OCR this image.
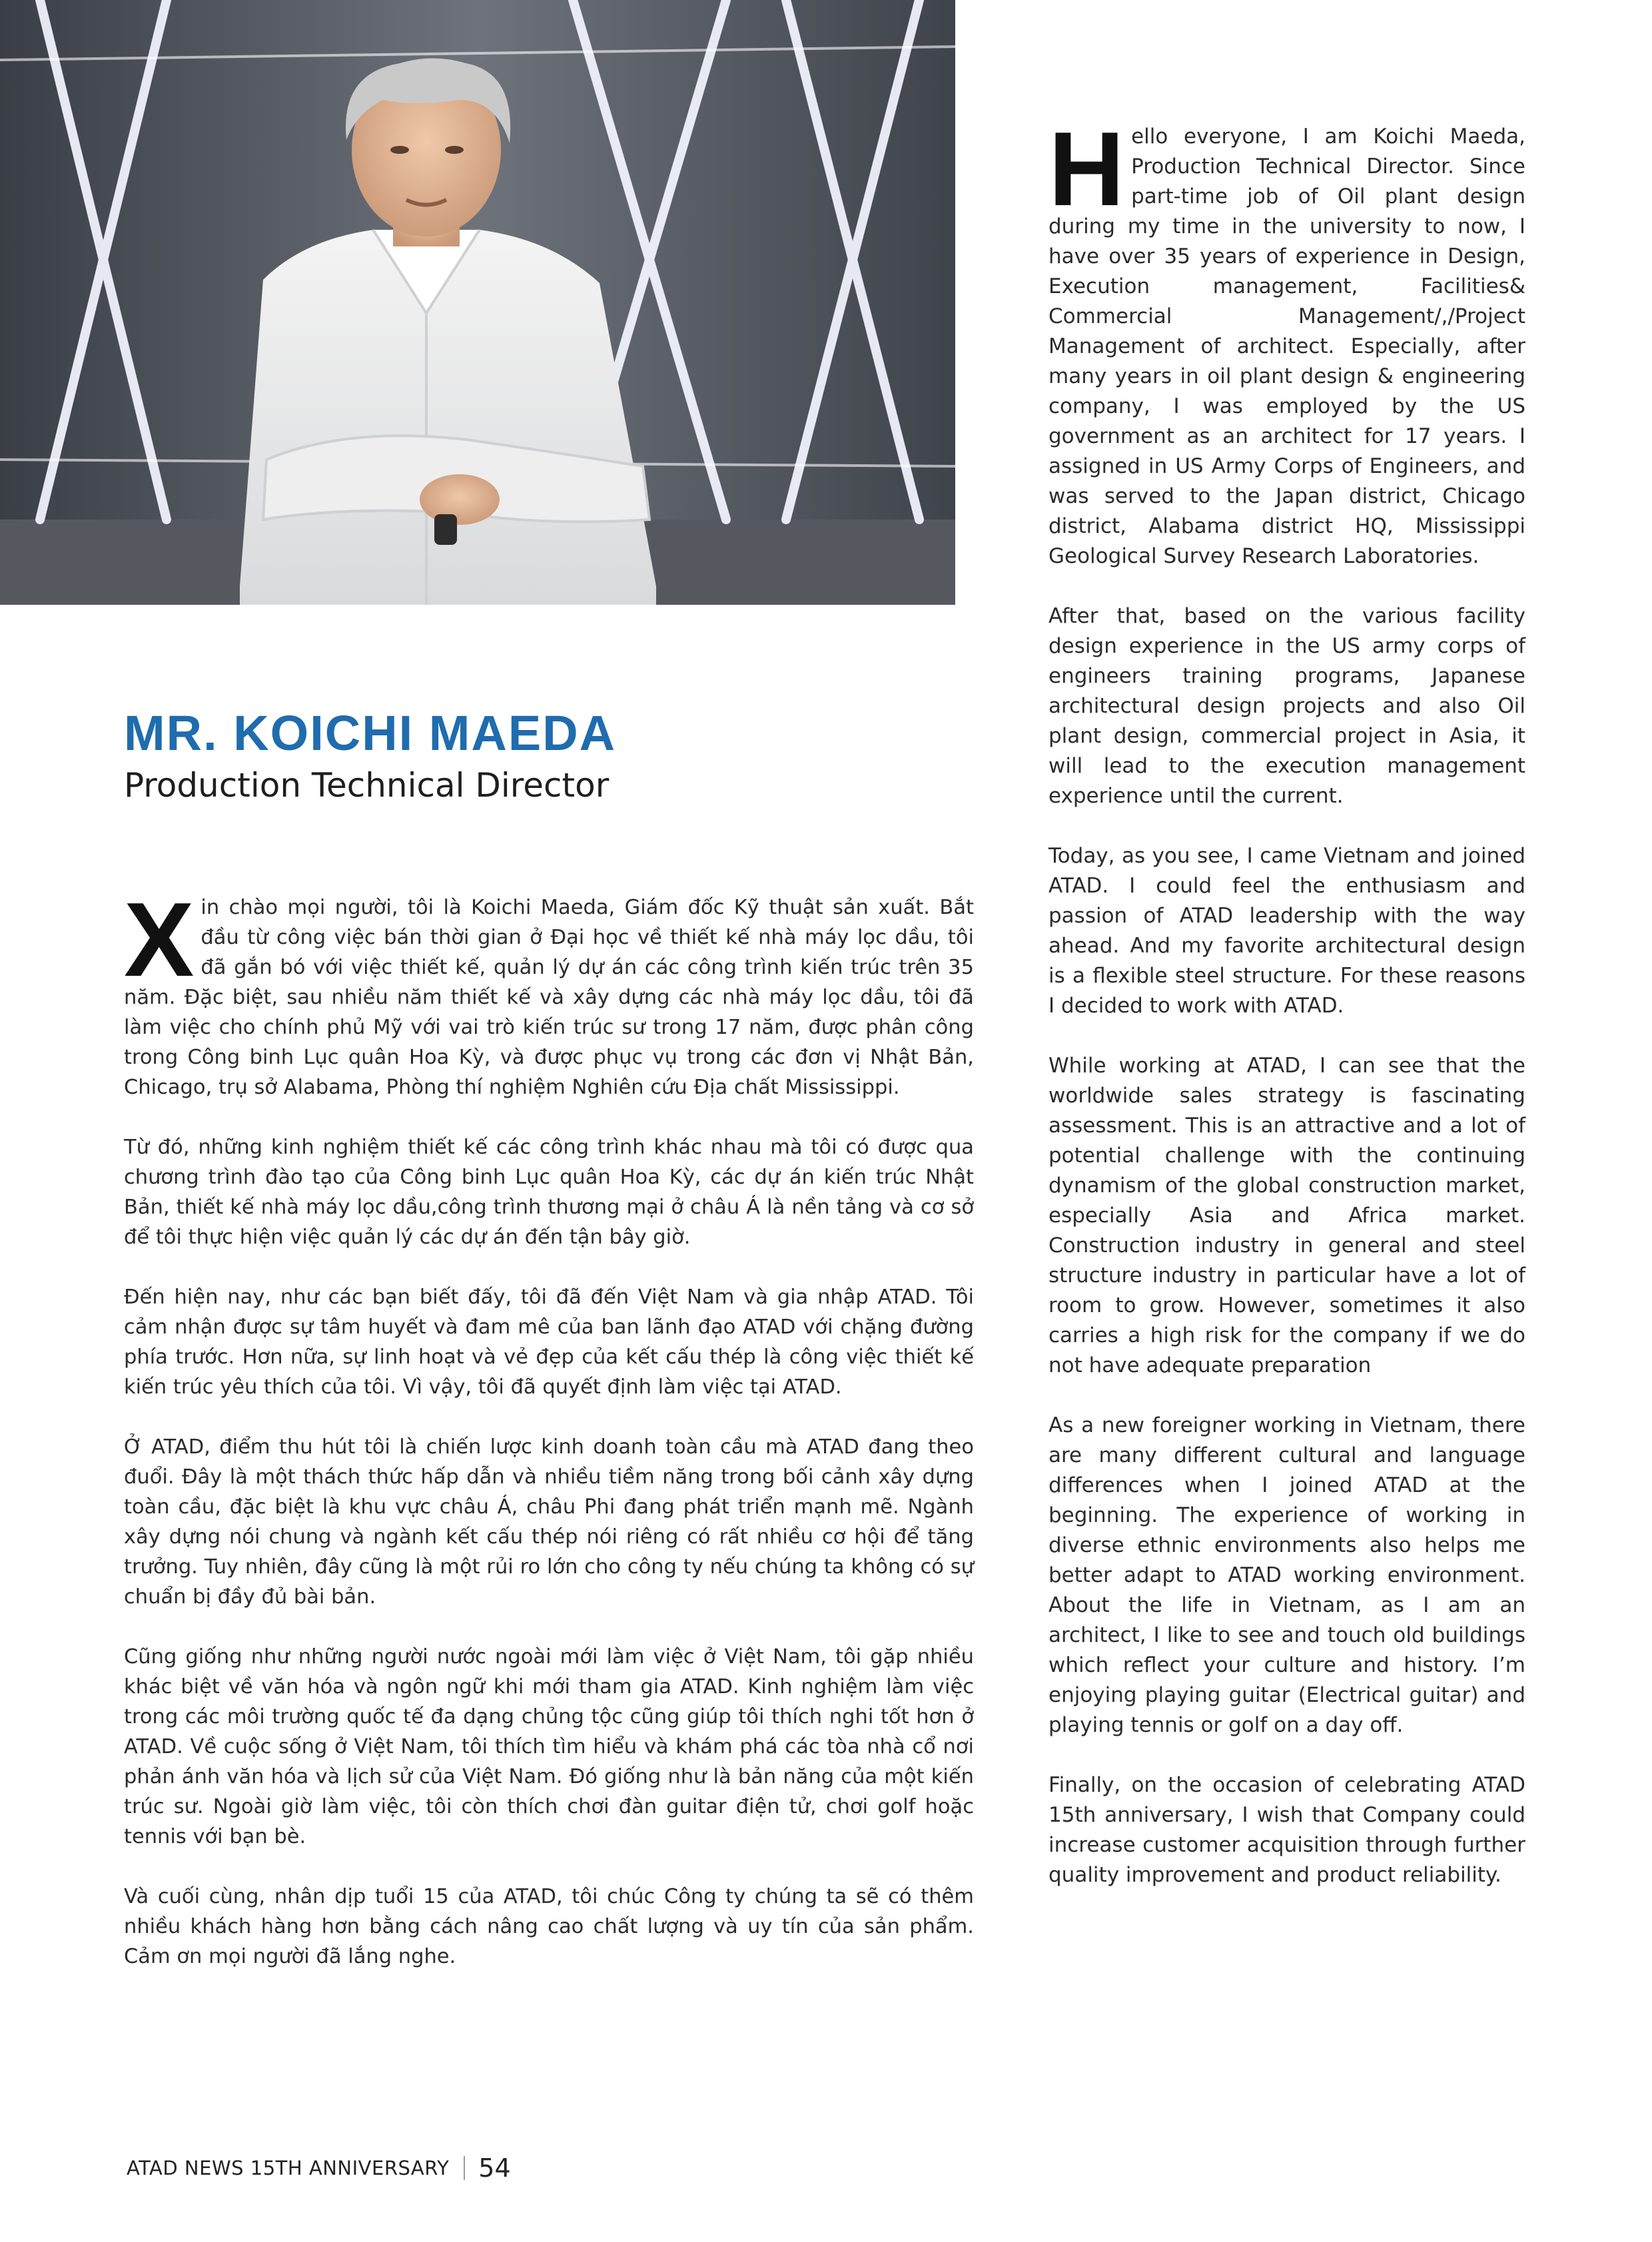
MR. KOICHI MAEDA
Production Technical Director

Xin chào mọi người, tôi là Koichi Maeda, Giám đốc Kỹ thuật sản xuất. Bắt đầu từ công việc bán thời gian ở Đại học về thiết kế nhà máy lọc dầu, tôi đã gắn bó với việc thiết kế, quản lý dự án các công trình kiến trúc trên 35 năm. Đặc biệt, sau nhiều năm thiết kế và xây dựng các nhà máy lọc dầu, tôi đã làm việc cho chính phủ Mỹ với vai trò kiến trúc sư trong 17 năm, được phân công trong Công binh Lục quân Hoa Kỳ, và được phục vụ trong các đơn vị Nhật Bản, Chicago, trụ sở Alabama, Phòng thí nghiệm Nghiên cứu Địa chất Mississippi.

Từ đó, những kinh nghiệm thiết kế các công trình khác nhau mà tôi có được qua chương trình đào tạo của Công binh Lục quân Hoa Kỳ, các dự án kiến trúc Nhật Bản, thiết kế nhà máy lọc dầu,công trình thương mại ở châu Á là nền tảng và cơ sở để tôi thực hiện việc quản lý các dự án đến tận bây giờ.

Đến hiện nay, như các bạn biết đấy, tôi đã đến Việt Nam và gia nhập ATAD. Tôi cảm nhận được sự tâm huyết và đam mê của ban lãnh đạo ATAD với chặng đường phía trước. Hơn nữa, sự linh hoạt và vẻ đẹp của kết cấu thép là công việc thiết kế kiến trúc yêu thích của tôi. Vì vậy, tôi đã quyết định làm việc tại ATAD.

Ở ATAD, điểm thu hút tôi là chiến lược kinh doanh toàn cầu mà ATAD đang theo đuổi. Đây là một thách thức hấp dẫn và nhiều tiềm năng trong bối cảnh xây dựng toàn cầu, đặc biệt là khu vực châu Á, châu Phi đang phát triển mạnh mẽ. Ngành xây dựng nói chung và ngành kết cấu thép nói riêng có rất nhiều cơ hội để tăng trưởng. Tuy nhiên, đây cũng là một rủi ro lớn cho công ty nếu chúng ta không có sự chuẩn bị đầy đủ bài bản.

Cũng giống như những người nước ngoài mới làm việc ở Việt Nam, tôi gặp nhiều khác biệt về văn hóa và ngôn ngữ khi mới tham gia ATAD. Kinh nghiệm làm việc trong các môi trường quốc tế đa dạng chủng tộc cũng giúp tôi thích nghi tốt hơn ở ATAD. Về cuộc sống ở Việt Nam, tôi thích tìm hiểu và khám phá các tòa nhà cổ nơi phản ánh văn hóa và lịch sử của Việt Nam. Đó giống như là bản năng của một kiến trúc sư. Ngoài giờ làm việc, tôi còn thích chơi đàn guitar điện tử, chơi golf hoặc tennis với bạn bè.

Và cuối cùng, nhân dịp tuổi 15 của ATAD, tôi chúc Công ty chúng ta sẽ có thêm nhiều khách hàng hơn bằng cách nâng cao chất lượng và uy tín của sản phẩm. Cảm ơn mọi người đã lắng nghe.

Hello everyone, I am Koichi Maeda, Production Technical Director. Since part-time job of Oil plant design during my time in the university to now, I have over 35 years of experience in Design, Execution management, Facilities& Commercial Management/,/Project Management of architect. Especially, after many years in oil plant design & engineering company, I was employed by the US government as an architect for 17 years. I assigned in US Army Corps of Engineers, and was served to the Japan district, Chicago district, Alabama district HQ, Mississippi Geological Survey Research Laboratories.

After that, based on the various facility design experience in the US army corps of engineers training programs, Japanese architectural design projects and also Oil plant design, commercial project in Asia, it will lead to the execution management experience until the current.

Today, as you see, I came Vietnam and joined ATAD. I could feel the enthusiasm and passion of ATAD leadership with the way ahead. And my favorite architectural design is a flexible steel structure. For these reasons I decided to work with ATAD.

While working at ATAD, I can see that the worldwide sales strategy is fascinating assessment. This is an attractive and a lot of potential challenge with the continuing dynamism of the global construction market, especially Asia and Africa market. Construction industry in general and steel structure industry in particular have a lot of room to grow. However, sometimes it also carries a high risk for the company if we do not have adequate preparation

As a new foreigner working in Vietnam, there are many different cultural and language differences when I joined ATAD at the beginning. The experience of working in diverse ethnic environments also helps me better adapt to ATAD working environment. About the life in Vietnam, as I am an architect, I like to see and touch old buildings which reflect your culture and history. I’m enjoying playing guitar (Electrical guitar) and playing tennis or golf on a day off.

Finally, on the occasion of celebrating ATAD 15th anniversary, I wish that Company could increase customer acquisition through further quality improvement and product reliability.

ATAD NEWS 15TH ANNIVERSARY 54
